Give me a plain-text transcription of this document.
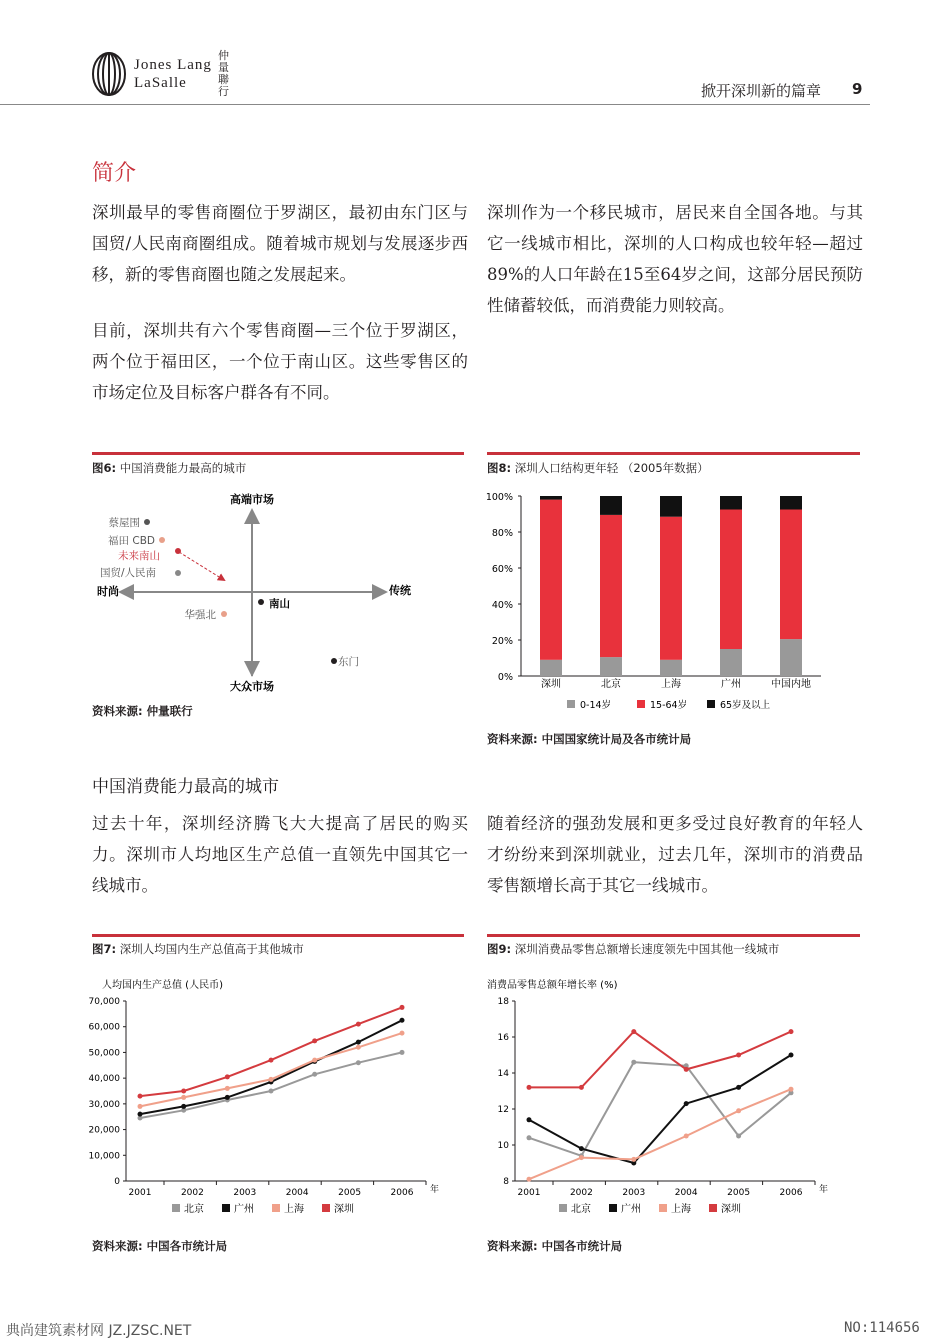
Jones Lang
LaSalle
仲量聯行	掀开深圳新的篇章 9
简介
深圳最早的零售商圈位于罗湖区，最初由东门区与国贸/人民南商圈组成。随着城市规划与发展逐步西移，新的零售商圈也随之发展起来。
目前，深圳共有六个零售商圈—三个位于罗湖区，两个位于福田区，一个位于南山区。这些零售区的市场定位及目标客户群各有不同。
深圳作为一个移民城市，居民来自全国各地。与其它一线城市相比，深圳的人口构成也较年轻—超过89%的人口年龄在15至64岁之间，这部分居民预防性储蓄较低，而消费能力则较高。
图6: 中国消费能力最高的城市
高端市场
大众市场
时尚	传统
蔡屋围
福田 CBD
未来南山
国贸/人民南
华强北
南山
东门
资料来源: 仲量联行
图8: 深圳人口结构更年轻 （2005年数据）
0%
20%
40%
60%
80%
100%
深圳	北京	上海	广州	中国内地
0-14岁	15-64岁	65岁及以上
资料来源: 中国国家统计局及各市统计局
中国消费能力最高的城市
过去十年，深圳经济腾飞大大提高了居民的购买力。深圳市人均地区生产总值一直领先中国其它一线城市。
随着经济的强劲发展和更多受过良好教育的年轻人才纷纷来到深圳就业，过去几年，深圳市的消费品零售额增长高于其它一线城市。
图7: 深圳人均国内生产总值高于其他城市
人均国内生产总值 (人民币)
0
10,000
20,000
30,000
40,000
50,000
60,000
70,000
2001	2002	2003	2004	2005	2006 年
北京	广州	上海	深圳
资料来源: 中国各市统计局
图9: 深圳消费品零售总额增长速度领先中国其他一线城市
消费品零售总额年增长率 (%)
8
10
12
14
16
18
2001	2002	2003	2004	2005	2006 年
北京	广州	上海	深圳
资料来源: 中国各市统计局
典尚建筑素材网 JZ.JZSC.NET	NO:114656
